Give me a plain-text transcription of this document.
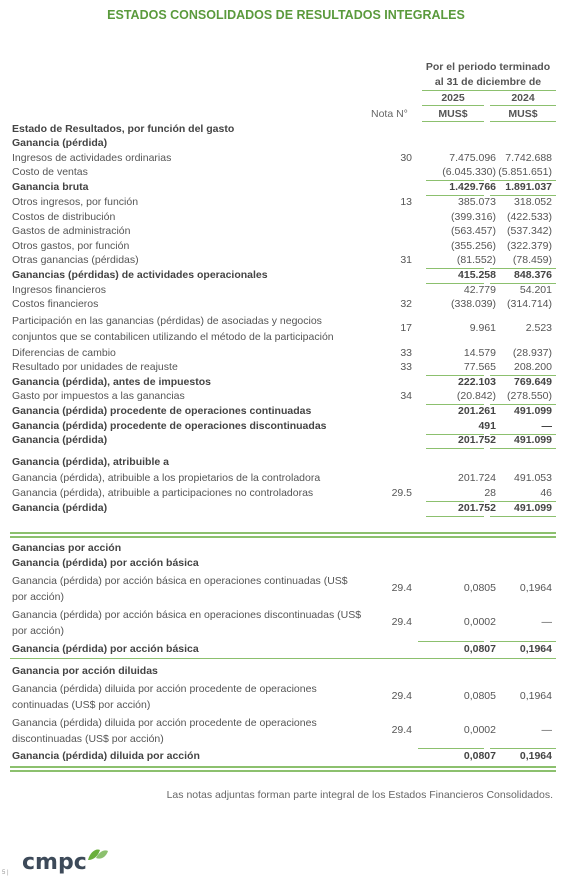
ESTADOS CONSOLIDADOS DE RESULTADOS INTEGRALES
Por el periodo terminado
al 31 de diciembre de
2025	2024
Nota N°	MUS$	MUS$
Estado de Resultados, por función del gasto
Ganancia (pérdida)
Ingresos de actividades ordinarias	30	7.475.096 7.742.688
Costo de ventas	(6.045.330) (5.851.651)
Ganancia bruta	1.429.766 1.891.037
Otros ingresos, por función	13	385.073	318.052
Costos de distribución	(399.316)	(422.533)
Gastos de administración	(563.457)	(537.342)
Otros gastos, por función	(355.256)	(322.379)
Otras ganancias (pérdidas)	31	(81.552)	(78.459)
Ganancias (pérdidas) de actividades operacionales	415.258	848.376
Ingresos financieros	42.779	54.201
Costos financieros	32	(338.039)	(314.714)
Participación en las ganancias (pérdidas) de asociadas y negocios conjuntos que se contabilicen utilizando el método de la participación
17	9.961	2.523
Diferencias de cambio	33	14.579	(28.937)
Resultado por unidades de reajuste	33	77.565	208.200
Ganancia (pérdida), antes de impuestos	222.103	769.649
Gasto por impuestos a las ganancias	34	(20.842)	(278.550)
Ganancia (pérdida) procedente de operaciones continuadas	201.261	491.099
Ganancia (pérdida) procedente de operaciones discontinuadas	491	—
Ganancia (pérdida)	201.752	491.099
Ganancia (pérdida), atribuible a
Ganancia (pérdida), atribuible a los propietarios de la controladora	201.724	491.053
Ganancia (pérdida), atribuible a participaciones no controladoras	29.5	28	46
Ganancia (pérdida)	201.752	491.099
Ganancias por acción
Ganancia (pérdida) por acción básica
Ganancia (pérdida) por acción básica en operaciones continuadas (US$ por acción)
29.4	0,0805	0,1964
Ganancia (pérdida) por acción básica en operaciones discontinuadas (US$ por acción)
29.4	0,0002	—
Ganancia (pérdida) por acción básica	0,0807	0,1964
Ganancia por acción diluidas
Ganancia (pérdida) diluida por acción procedente de operaciones continuadas (US$ por acción)
29.4	0,0805	0,1964
Ganancia (pérdida) diluida por acción procedente de operaciones discontinuadas (US$ por acción)
29.4	0,0002	—
Ganancia (pérdida) diluida por acción	0,0807	0,1964
Las notas adjuntas forman parte integral de los Estados Financieros Consolidados.
cmpc
5 |
